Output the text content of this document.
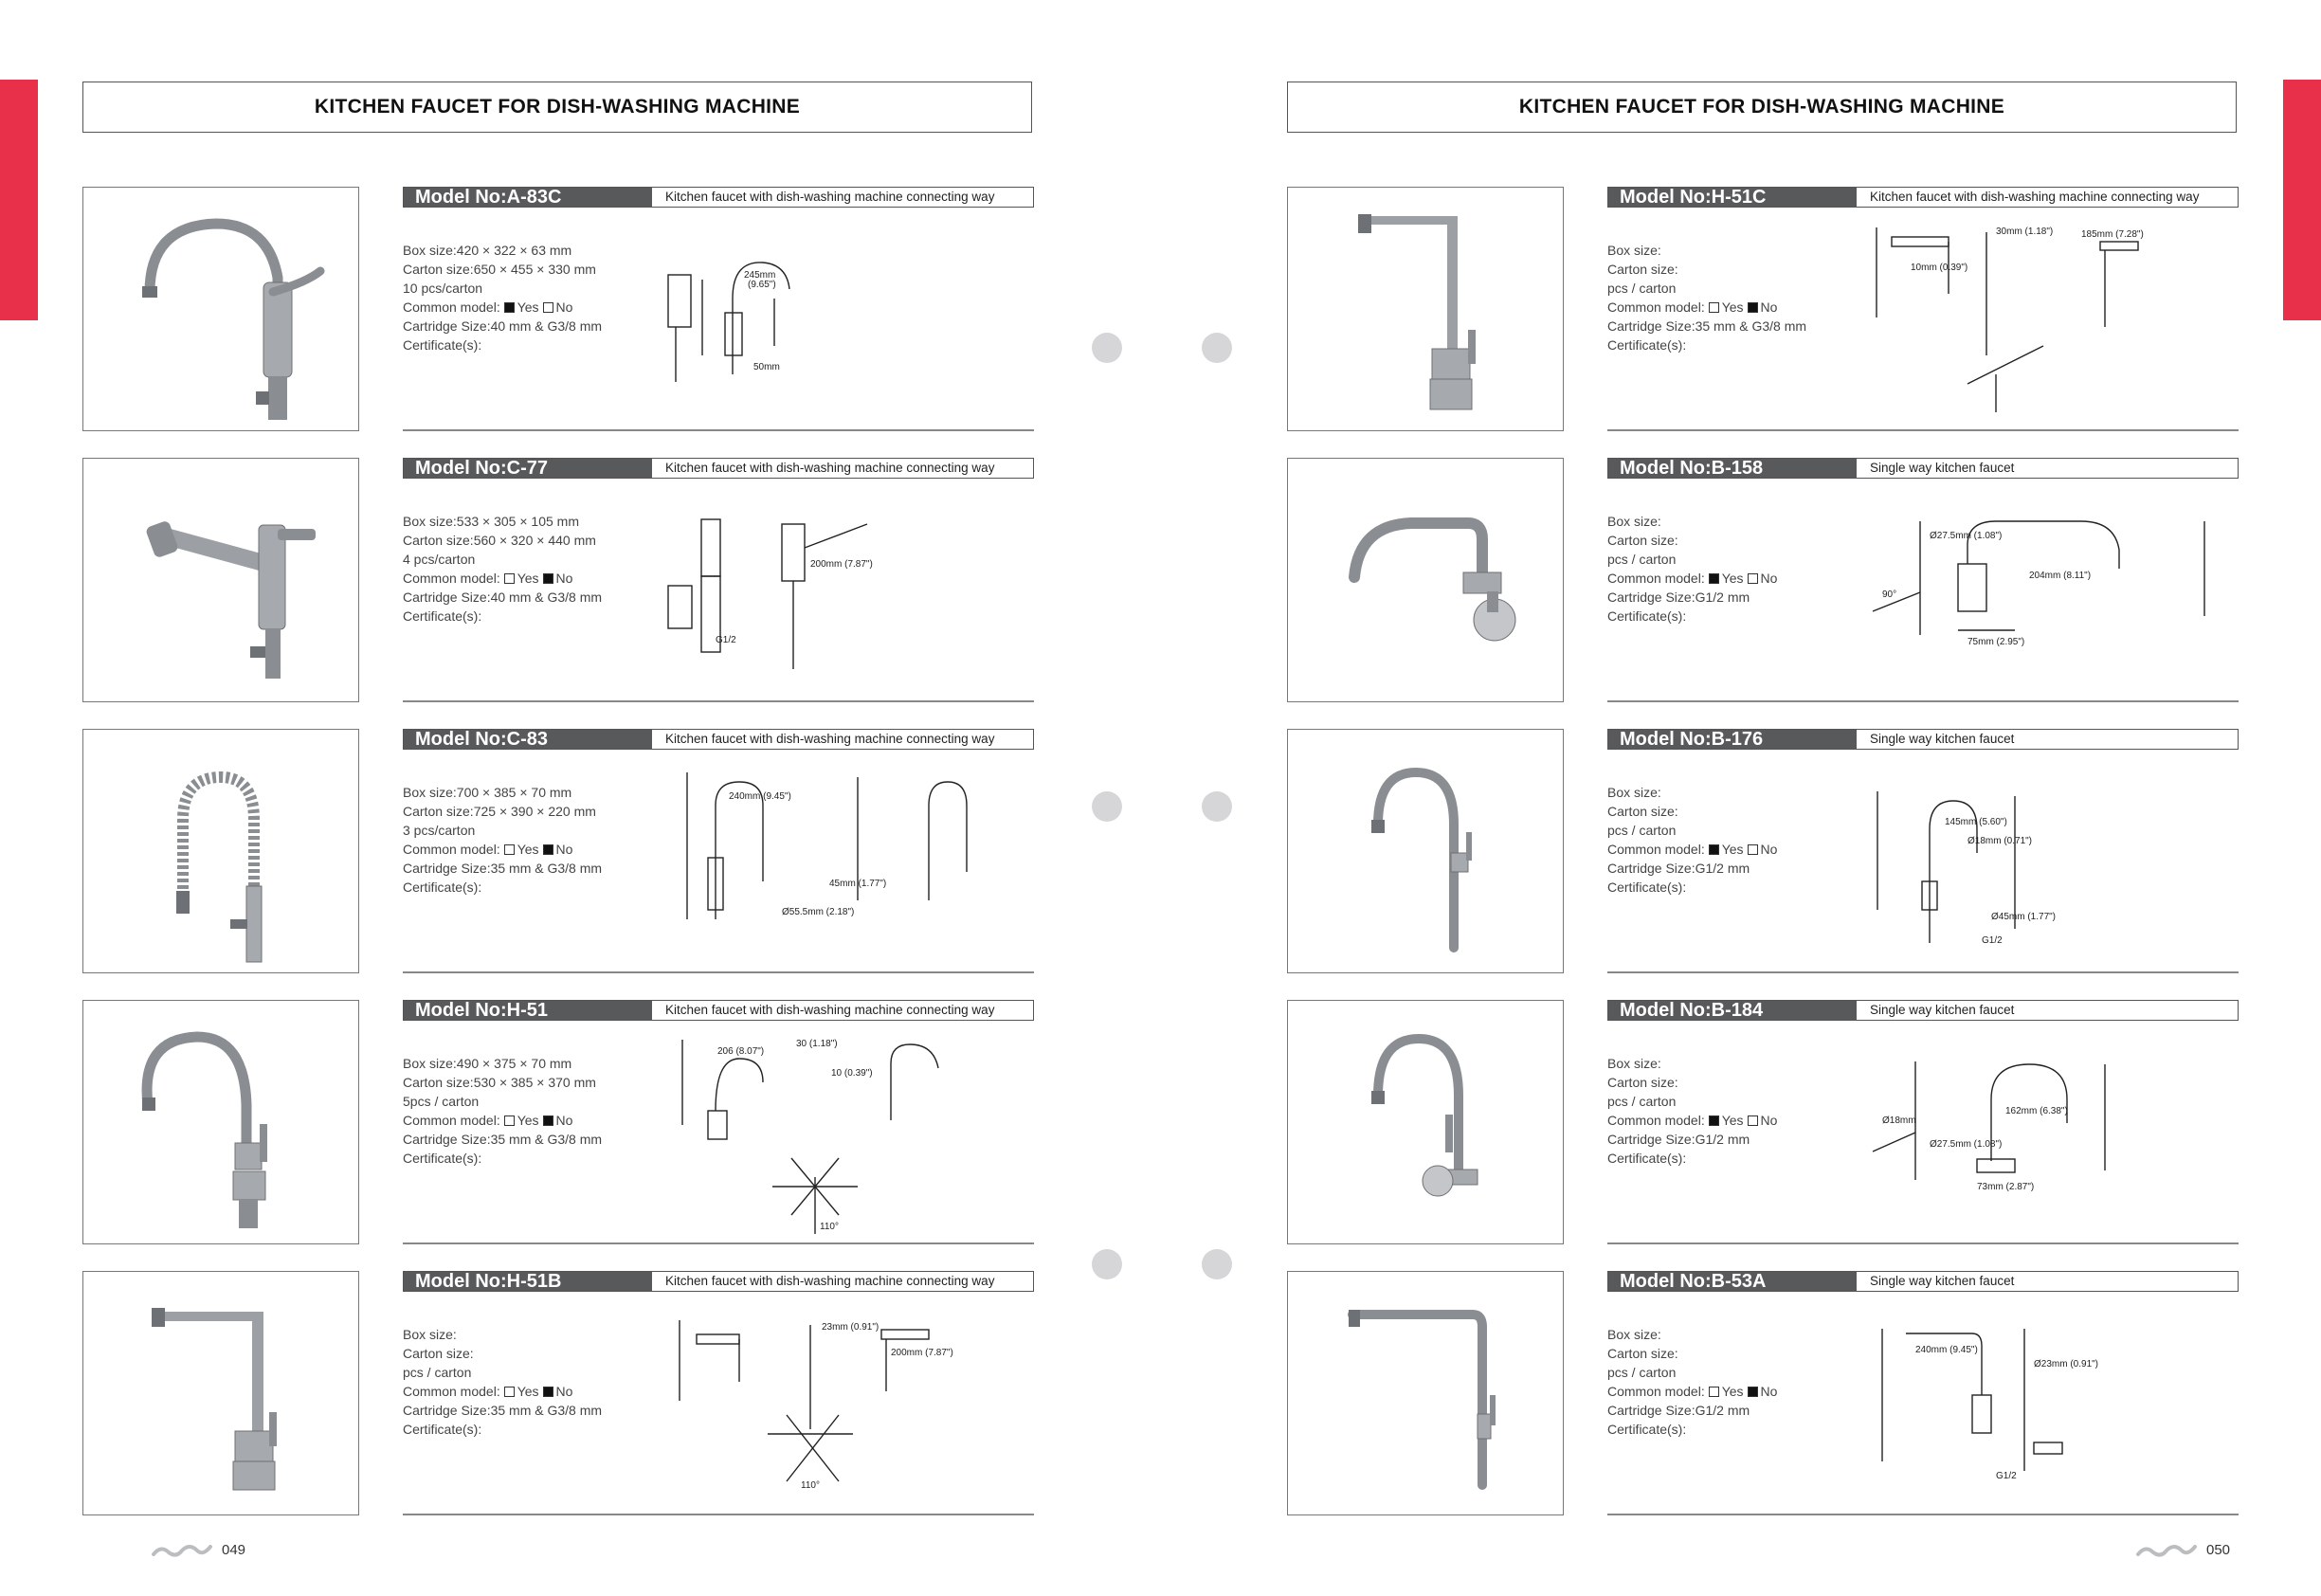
KITCHEN FAUCET FOR DISH-WASHING MACHINE	KITCHEN FAUCET FOR DISH-WASHING MACHINE
Model No:A-83C	Kitchen faucet with dish-washing machine connecting way
Box size:420 × 322 × 63 mm
Carton size:650 × 455 × 330 mm
10 pcs/carton
Common model: Yes No
Cartridge Size:40 mm & G3/8 mm
Certificate(s):
245mm
(9.65")
50mm
Model No:C-77	Kitchen faucet with dish-washing machine connecting way
Box size:533 × 305 × 105 mm
Carton size:560 × 320 × 440 mm
4 pcs/carton
Common model: Yes No
Cartridge Size:40 mm & G3/8 mm
Certificate(s):
G1/2
200mm (7.87")
Model No:C-83	Kitchen faucet with dish-washing machine connecting way
Box size:700 × 385 × 70 mm
Carton size:725 × 390 × 220 mm
3 pcs/carton
Common model: Yes No
Cartridge Size:35 mm & G3/8 mm
Certificate(s):
240mm (9.45")
45mm (1.77")
Ø55.5mm (2.18")
Model No:H-51	Kitchen faucet with dish-washing machine connecting way
Box size:490 × 375 × 70 mm
Carton size:530 × 385 × 370 mm
5pcs / carton
Common model: Yes No
Cartridge Size:35 mm & G3/8 mm
Certificate(s):
206 (8.07")
30 (1.18")
10 (0.39")
110°
Model No:H-51B	Kitchen faucet with dish-washing machine connecting way
Box size:
Carton size:
pcs / carton
Common model: Yes No
Cartridge Size:35 mm & G3/8 mm
Certificate(s):
23mm (0.91")
200mm (7.87")
110°
Model No:H-51C	Kitchen faucet with dish-washing machine connecting way
Box size:
Carton size:
pcs / carton
Common model: Yes No
Cartridge Size:35 mm & G3/8 mm
Certificate(s):
30mm (1.18")
10mm (0.39")
185mm (7.28")
Model No:B-158	Single way kitchen faucet
Box size:
Carton size:
pcs / carton
Common model: Yes No
Cartridge Size:G1/2 mm
Certificate(s):
Ø27.5mm (1.08")
204mm (8.11")
75mm (2.95")
90°
Model No:B-176	Single way kitchen faucet
Box size:
Carton size:
pcs / carton
Common model: Yes No
Cartridge Size:G1/2 mm
Certificate(s):
145mm (5.60")
Ø18mm (0.71")
Ø45mm (1.77")
G1/2
Model No:B-184	Single way kitchen faucet
Box size:
Carton size:
pcs / carton
Common model: Yes No
Cartridge Size:G1/2 mm
Certificate(s):
Ø18mm
162mm (6.38")
Ø27.5mm (1.08")
73mm (2.87")
Model No:B-53A	Single way kitchen faucet
Box size:
Carton size:
pcs / carton
Common model: Yes No
Cartridge Size:G1/2 mm
Certificate(s):
240mm (9.45")
Ø23mm (0.91")
G1/2
049	050
